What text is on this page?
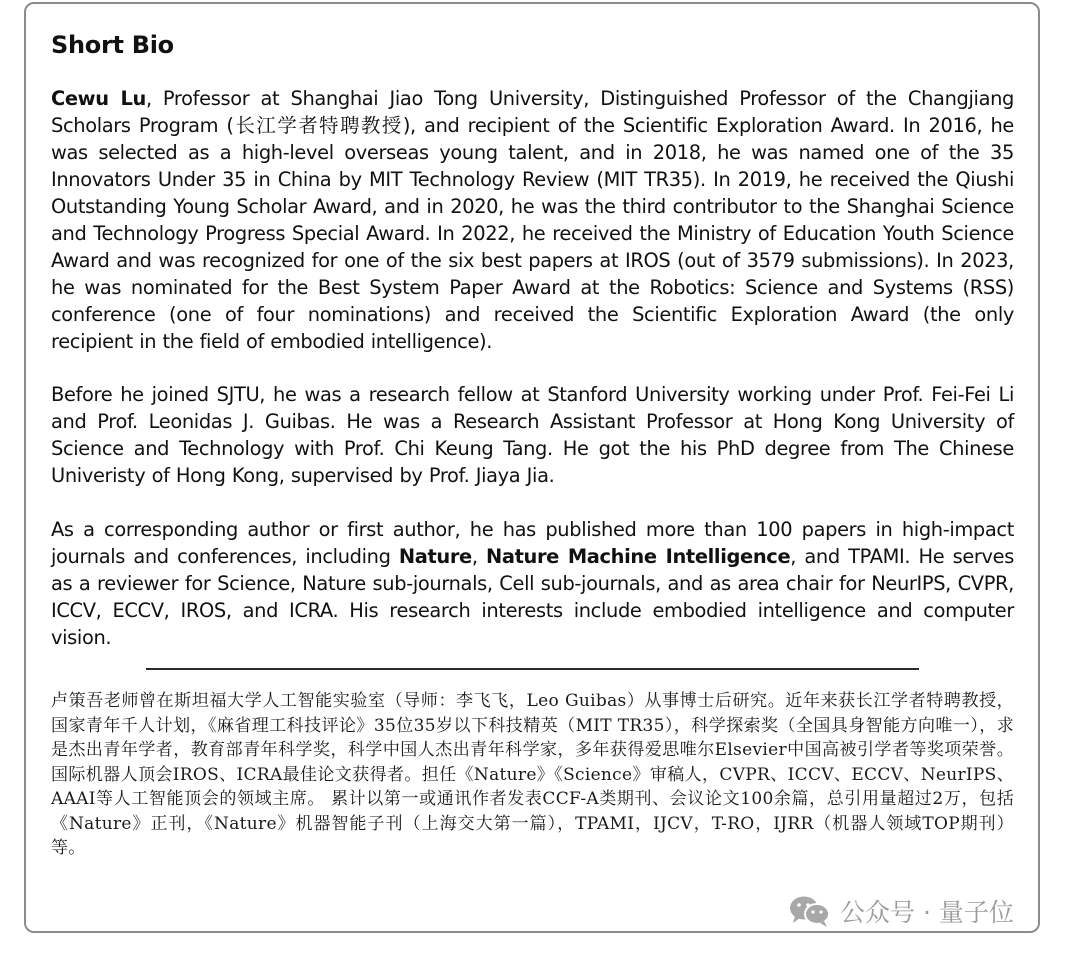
Short Bio

Cewu Lu, Professor at Shanghai Jiao Tong University, Distinguished Professor of the Changjiang Scholars Program (长江学者特聘教授), and recipient of the Scientific Exploration Award. In 2016, he was selected as a high-level overseas young talent, and in 2018, he was named one of the 35 Innovators Under 35 in China by MIT Technology Review (MIT TR35). In 2019, he received the Qiushi Outstanding Young Scholar Award, and in 2020, he was the third contributor to the Shanghai Science and Technology Progress Special Award. In 2022, he received the Ministry of Education Youth Science Award and was recognized for one of the six best papers at IROS (out of 3579 submissions). In 2023, he was nominated for the Best System Paper Award at the Robotics: Science and Systems (RSS) conference (one of four nominations) and received the Scientific Exploration Award (the only recipient in the field of embodied intelligence).

Before he joined SJTU, he was a research fellow at Stanford University working under Prof. Fei-Fei Li and Prof. Leonidas J. Guibas. He was a Research Assistant Professor at Hong Kong University of Science and Technology with Prof. Chi Keung Tang. He got the his PhD degree from The Chinese Univeristy of Hong Kong, supervised by Prof. Jiaya Jia.

As a corresponding author or first author, he has published more than 100 papers in high-impact journals and conferences, including Nature, Nature Machine Intelligence, and TPAMI. He serves as a reviewer for Science, Nature sub-journals, Cell sub-journals, and as area chair for NeurIPS, CVPR, ICCV, ECCV, IROS, and ICRA. His research interests include embodied intelligence and computer vision.

卢策吾老师曾在斯坦福大学人工智能实验室（导师：李飞飞，Leo Guibas）从事博士后研究。近年来获长江学者特聘教授，国家青年千人计划，《麻省理工科技评论》35位35岁以下科技精英（MIT TR35），科学探索奖（全国具身智能方向唯一），求是杰出青年学者，教育部青年科学奖，科学中国人杰出青年科学家，多年获得爱思唯尔Elsevier中国高被引学者等奖项荣誉。国际机器人顶会IROS、ICRA最佳论文获得者。担任《Nature》《Science》审稿人，CVPR、ICCV、ECCV、NeurIPS、AAAI等人工智能顶会的领域主席。 累计以第一或通讯作者发表CCF-A类期刊、会议论文100余篇，总引用量超过2万，包括《Nature》正刊，《Nature》机器智能子刊（上海交大第一篇），TPAMI，IJCV，T-RO，IJRR（机器人领域TOP期刊）等。

公众号 · 量子位
